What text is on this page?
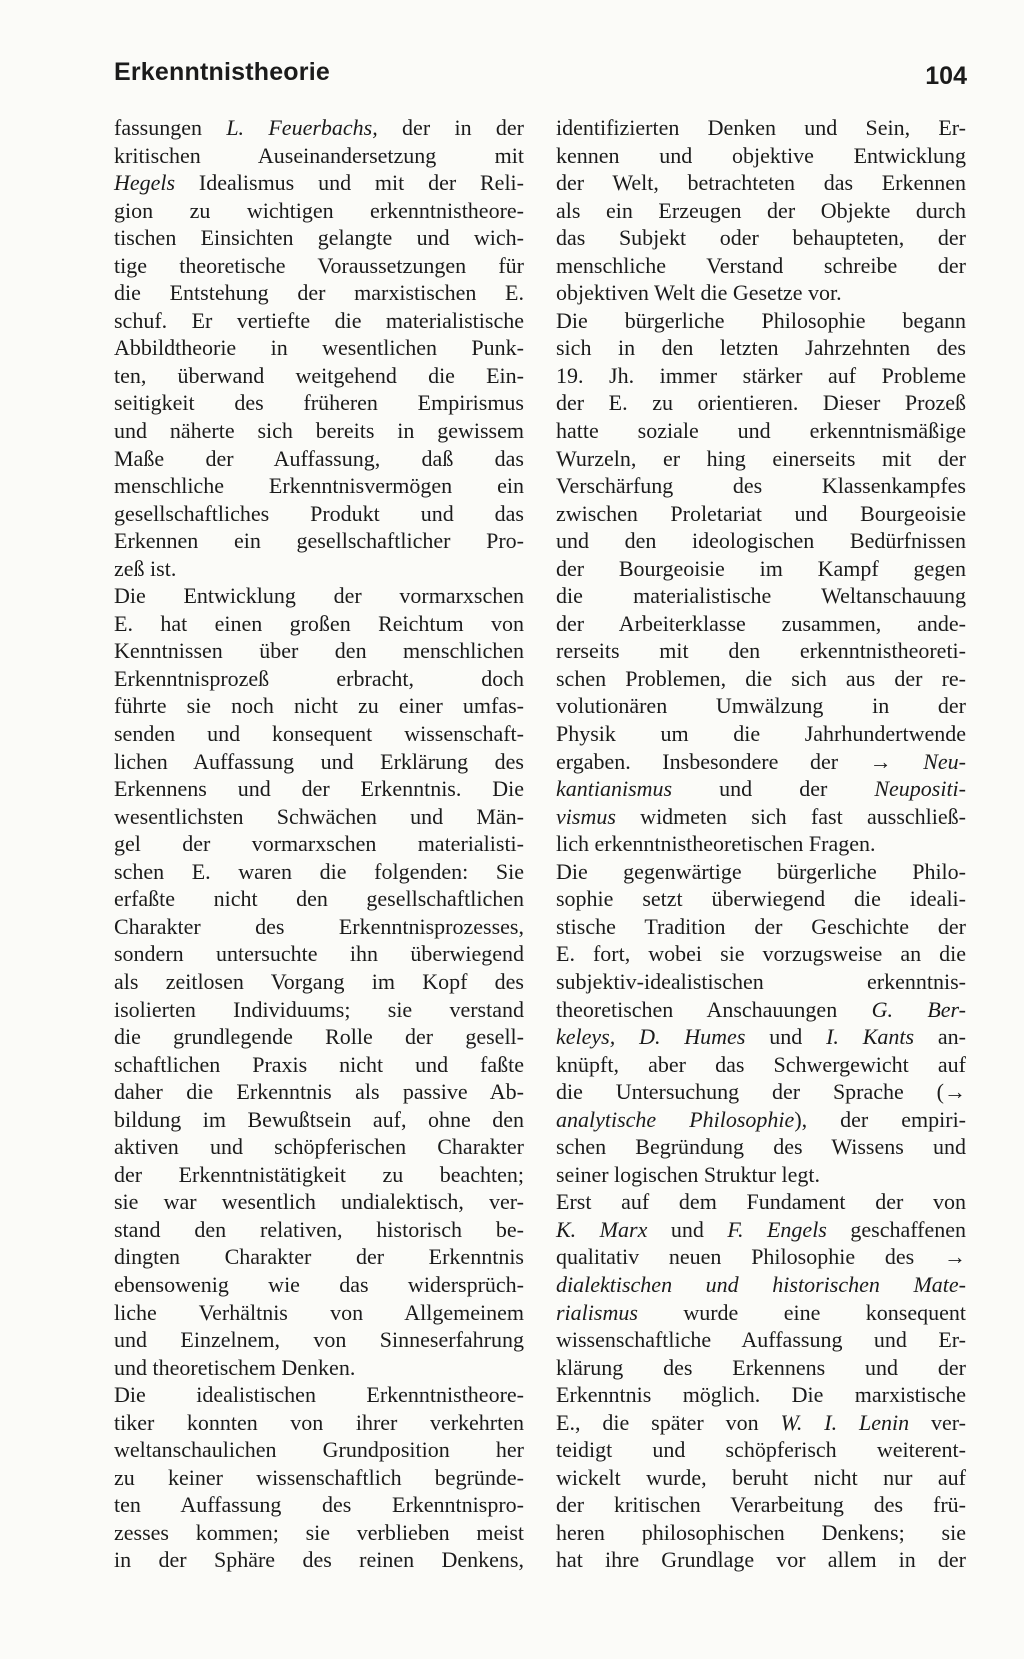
Erkenntnistheorie	104
fassungen L. Feuerbachs, der in der
kritischen Auseinandersetzung mit
Hegels Idealismus und mit der Reli-
gion zu wichtigen erkenntnistheore-
tischen Einsichten gelangte und wich-
tige theoretische Voraussetzungen für
die Entstehung der marxistischen E.
schuf. Er vertiefte die materialistische
Abbildtheorie in wesentlichen Punk-
ten, überwand weitgehend die Ein-
seitigkeit des früheren Empirismus
und näherte sich bereits in gewissem
Maße der Auffassung, daß das
menschliche Erkenntnisvermögen ein
gesellschaftliches Produkt und das
Erkennen ein gesellschaftlicher Pro-
zeß ist.
Die Entwicklung der vormarxschen
E. hat einen großen Reichtum von
Kenntnissen über den menschlichen
Erkenntnisprozeß erbracht, doch
führte sie noch nicht zu einer umfas-
senden und konsequent wissenschaft-
lichen Auffassung und Erklärung des
Erkennens und der Erkenntnis. Die
wesentlichsten Schwächen und Män-
gel der vormarxschen materialisti-
schen E. waren die folgenden: Sie
erfaßte nicht den gesellschaftlichen
Charakter des Erkenntnisprozesses,
sondern untersuchte ihn überwiegend
als zeitlosen Vorgang im Kopf des
isolierten Individuums; sie verstand
die grundlegende Rolle der gesell-
schaftlichen Praxis nicht und faßte
daher die Erkenntnis als passive Ab-
bildung im Bewußtsein auf, ohne den
aktiven und schöpferischen Charakter
der Erkenntnistätigkeit zu beachten;
sie war wesentlich undialektisch, ver-
stand den relativen, historisch be-
dingten Charakter der Erkenntnis
ebensowenig wie das widersprüch-
liche Verhältnis von Allgemeinem
und Einzelnem, von Sinneserfahrung
und theoretischem Denken.
Die idealistischen Erkenntnistheore-
tiker konnten von ihrer verkehrten
weltanschaulichen Grundposition her
zu keiner wissenschaftlich begründe-
ten Auffassung des Erkenntnispro-
zesses kommen; sie verblieben meist
in der Sphäre des reinen Denkens,
identifizierten Denken und Sein, Er-
kennen und objektive Entwicklung
der Welt, betrachteten das Erkennen
als ein Erzeugen der Objekte durch
das Subjekt oder behaupteten, der
menschliche Verstand schreibe der
objektiven Welt die Gesetze vor.
Die bürgerliche Philosophie begann
sich in den letzten Jahrzehnten des
19. Jh. immer stärker auf Probleme
der E. zu orientieren. Dieser Prozeß
hatte soziale und erkenntnismäßige
Wurzeln, er hing einerseits mit der
Verschärfung des Klassenkampfes
zwischen Proletariat und Bourgeoisie
und den ideologischen Bedürfnissen
der Bourgeoisie im Kampf gegen
die materialistische Weltanschauung
der Arbeiterklasse zusammen, ande-
rerseits mit den erkenntnistheoreti-
schen Problemen, die sich aus der re-
volutionären Umwälzung in der
Physik um die Jahrhundertwende
ergaben. Insbesondere der → Neu-
kantianismus und der Neupositi-
vismus widmeten sich fast ausschließ-
lich erkenntnistheoretischen Fragen.
Die gegenwärtige bürgerliche Philo-
sophie setzt überwiegend die ideali-
stische Tradition der Geschichte der
E. fort, wobei sie vorzugsweise an die
subjektiv-idealistischen erkenntnis-
theoretischen Anschauungen G. Ber-
keleys, D. Humes und I. Kants an-
knüpft, aber das Schwergewicht auf
die Untersuchung der Sprache (→
analytische Philosophie), der empiri-
schen Begründung des Wissens und
seiner logischen Struktur legt.
Erst auf dem Fundament der von
K. Marx und F. Engels geschaffenen
qualitativ neuen Philosophie des →
dialektischen und historischen Mate-
rialismus wurde eine konsequent
wissenschaftliche Auffassung und Er-
klärung des Erkennens und der
Erkenntnis möglich. Die marxistische
E., die später von W. I. Lenin ver-
teidigt und schöpferisch weiterent-
wickelt wurde, beruht nicht nur auf
der kritischen Verarbeitung des frü-
heren philosophischen Denkens; sie
hat ihre Grundlage vor allem in der
